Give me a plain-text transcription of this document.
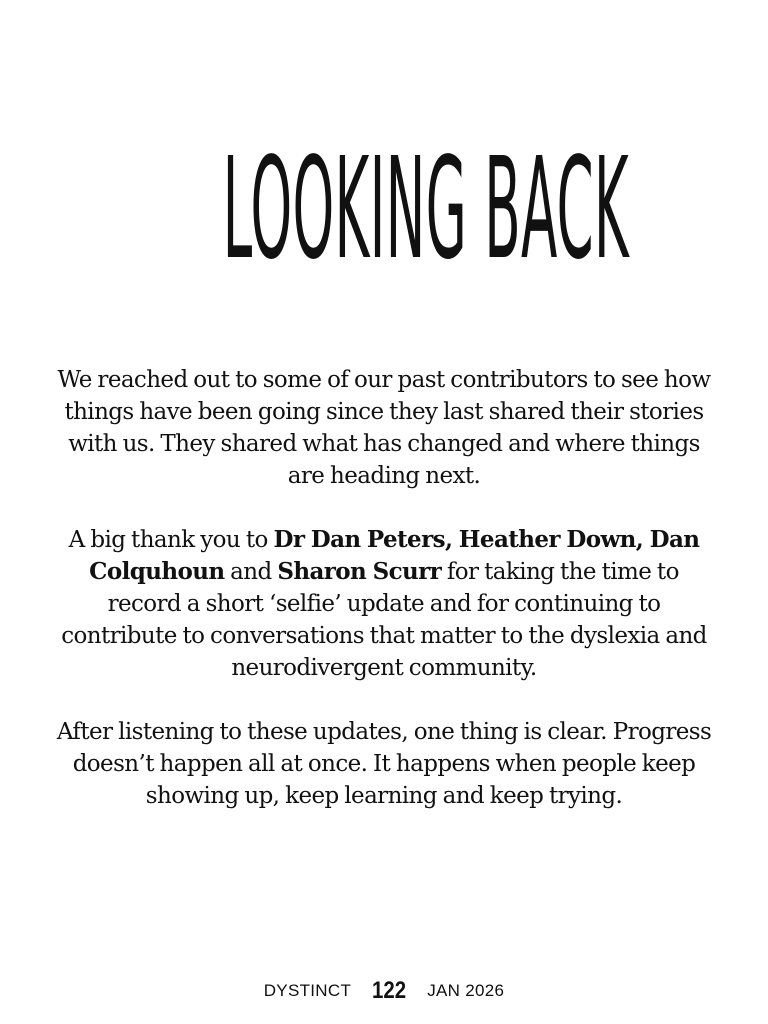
LOOKING BACK

We reached out to some of our past contributors to see how things have been going since they last shared their stories with us. They shared what has changed and where things are heading next.

A big thank you to Dr Dan Peters, Heather Down, Dan Colquhoun and Sharon Scurr for taking the time to record a short ‘selfie’ update and for continuing to contribute to conversations that matter to the dyslexia and neurodivergent community.

After listening to these updates, one thing is clear. Progress doesn’t happen all at once. It happens when people keep showing up, keep learning and keep trying.

DYSTINCT 122 JAN 2026
